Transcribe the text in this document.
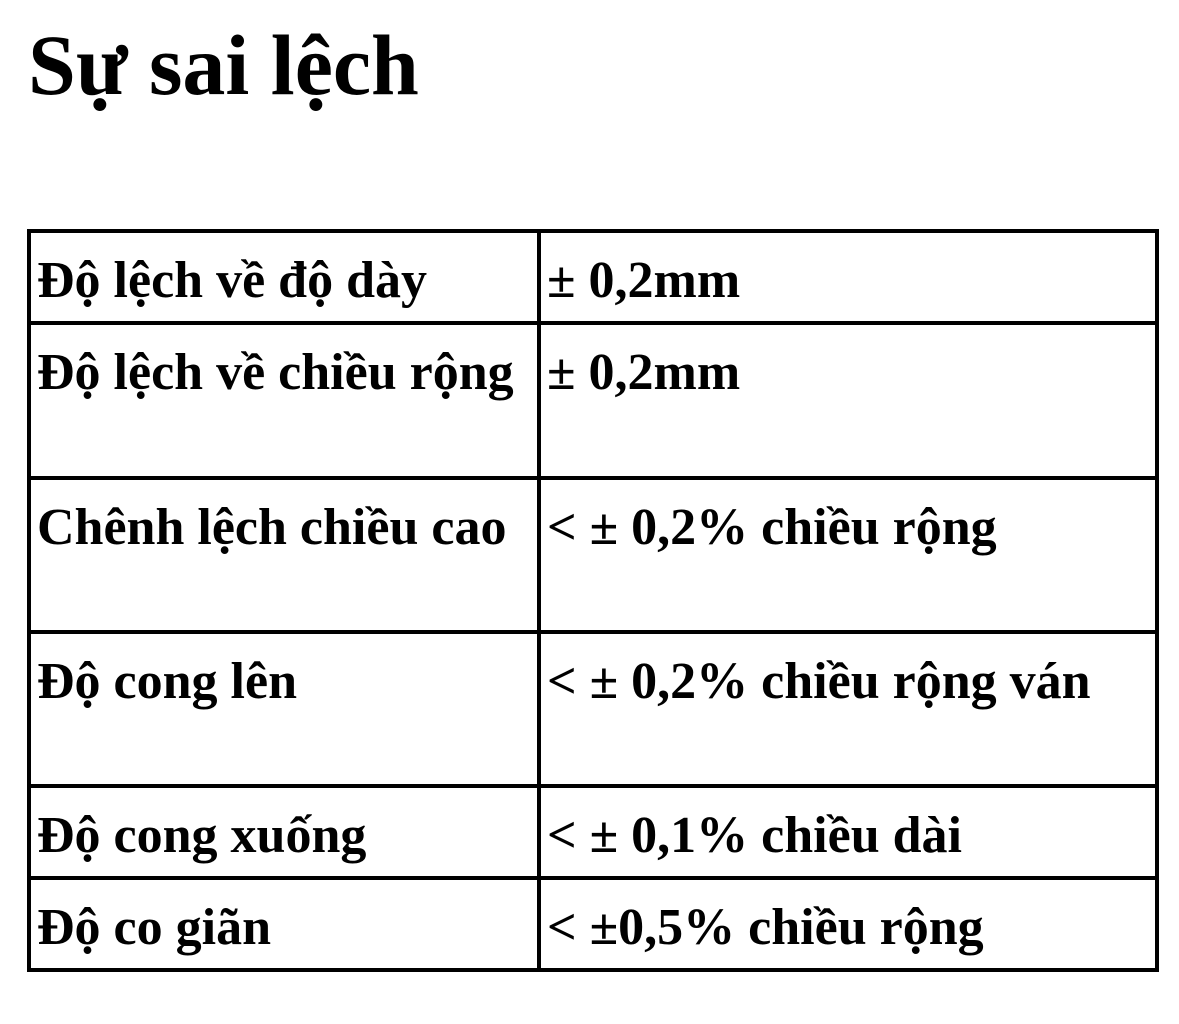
Sự sai lệch
Độ lệch về độ dày	± 0,2mm
Độ lệch về chiều rộng	± 0,2mm
Chênh lệch chiều cao	< ± 0,2% chiều rộng
Độ cong lên	< ± 0,2% chiều rộng ván
Độ cong xuống	< ± 0,1% chiều dài
Độ co giãn	< ±0,5% chiều rộng
